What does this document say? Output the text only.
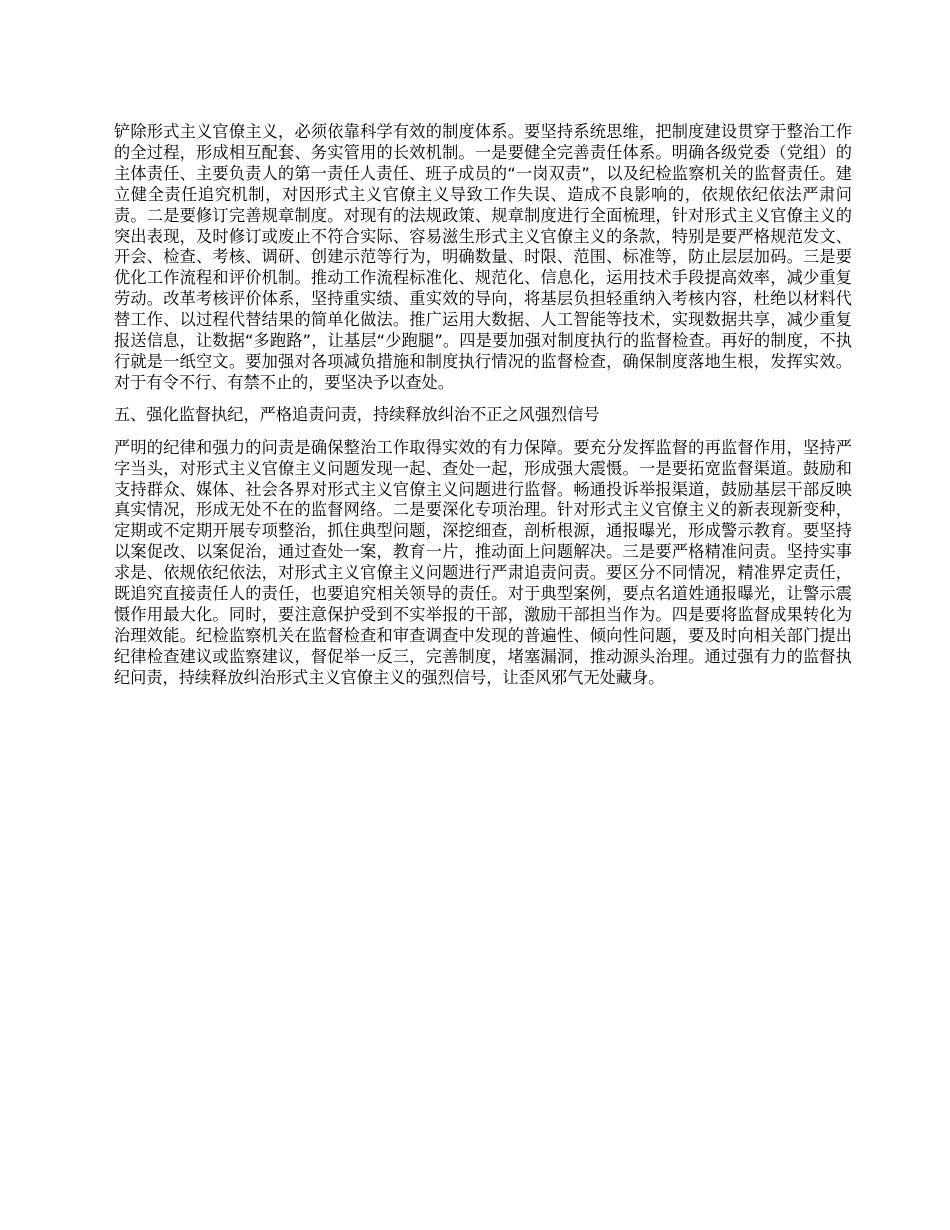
铲除形式主义官僚主义，必须依靠科学有效的制度体系。要坚持系统思维，把制度建设贯穿于整治工作的全过程，形成相互配套、务实管用的长效机制。一是要健全完善责任体系。明确各级党委（党组）的主体责任、主要负责人的第一责任人责任、班子成员的“一岗双责”，以及纪检监察机关的监督责任。建立健全责任追究机制，对因形式主义官僚主义导致工作失误、造成不良影响的，依规依纪依法严肃问责。二是要修订完善规章制度。对现有的法规政策、规章制度进行全面梳理，针对形式主义官僚主义的突出表现，及时修订或废止不符合实际、容易滋生形式主义官僚主义的条款，特别是要严格规范发文、开会、检查、考核、调研、创建示范等行为，明确数量、时限、范围、标准等，防止层层加码。三是要优化工作流程和评价机制。推动工作流程标准化、规范化、信息化，运用技术手段提高效率，减少重复劳动。改革考核评价体系，坚持重实绩、重实效的导向，将基层负担轻重纳入考核内容，杜绝以材料代替工作、以过程代替结果的简单化做法。推广运用大数据、人工智能等技术，实现数据共享，减少重复报送信息，让数据“多跑路”，让基层“少跑腿”。四是要加强对制度执行的监督检查。再好的制度，不执行就是一纸空文。要加强对各项减负措施和制度执行情况的监督检查，确保制度落地生根，发挥实效。对于有令不行、有禁不止的，要坚决予以查处。

五、强化监督执纪，严格追责问责，持续释放纠治不正之风强烈信号

严明的纪律和强力的问责是确保整治工作取得实效的有力保障。要充分发挥监督的再监督作用，坚持严字当头，对形式主义官僚主义问题发现一起、查处一起，形成强大震慑。一是要拓宽监督渠道。鼓励和支持群众、媒体、社会各界对形式主义官僚主义问题进行监督。畅通投诉举报渠道，鼓励基层干部反映真实情况，形成无处不在的监督网络。二是要深化专项治理。针对形式主义官僚主义的新表现新变种，定期或不定期开展专项整治，抓住典型问题，深挖细查，剖析根源，通报曝光，形成警示教育。要坚持以案促改、以案促治，通过查处一案，教育一片，推动面上问题解决。三是要严格精准问责。坚持实事求是、依规依纪依法，对形式主义官僚主义问题进行严肃追责问责。要区分不同情况，精准界定责任，既追究直接责任人的责任，也要追究相关领导的责任。对于典型案例，要点名道姓通报曝光，让警示震慑作用最大化。同时，要注意保护受到不实举报的干部，激励干部担当作为。四是要将监督成果转化为治理效能。纪检监察机关在监督检查和审查调查中发现的普遍性、倾向性问题，要及时向相关部门提出纪律检查建议或监察建议，督促举一反三，完善制度，堵塞漏洞，推动源头治理。通过强有力的监督执纪问责，持续释放纠治形式主义官僚主义的强烈信号，让歪风邪气无处藏身。
